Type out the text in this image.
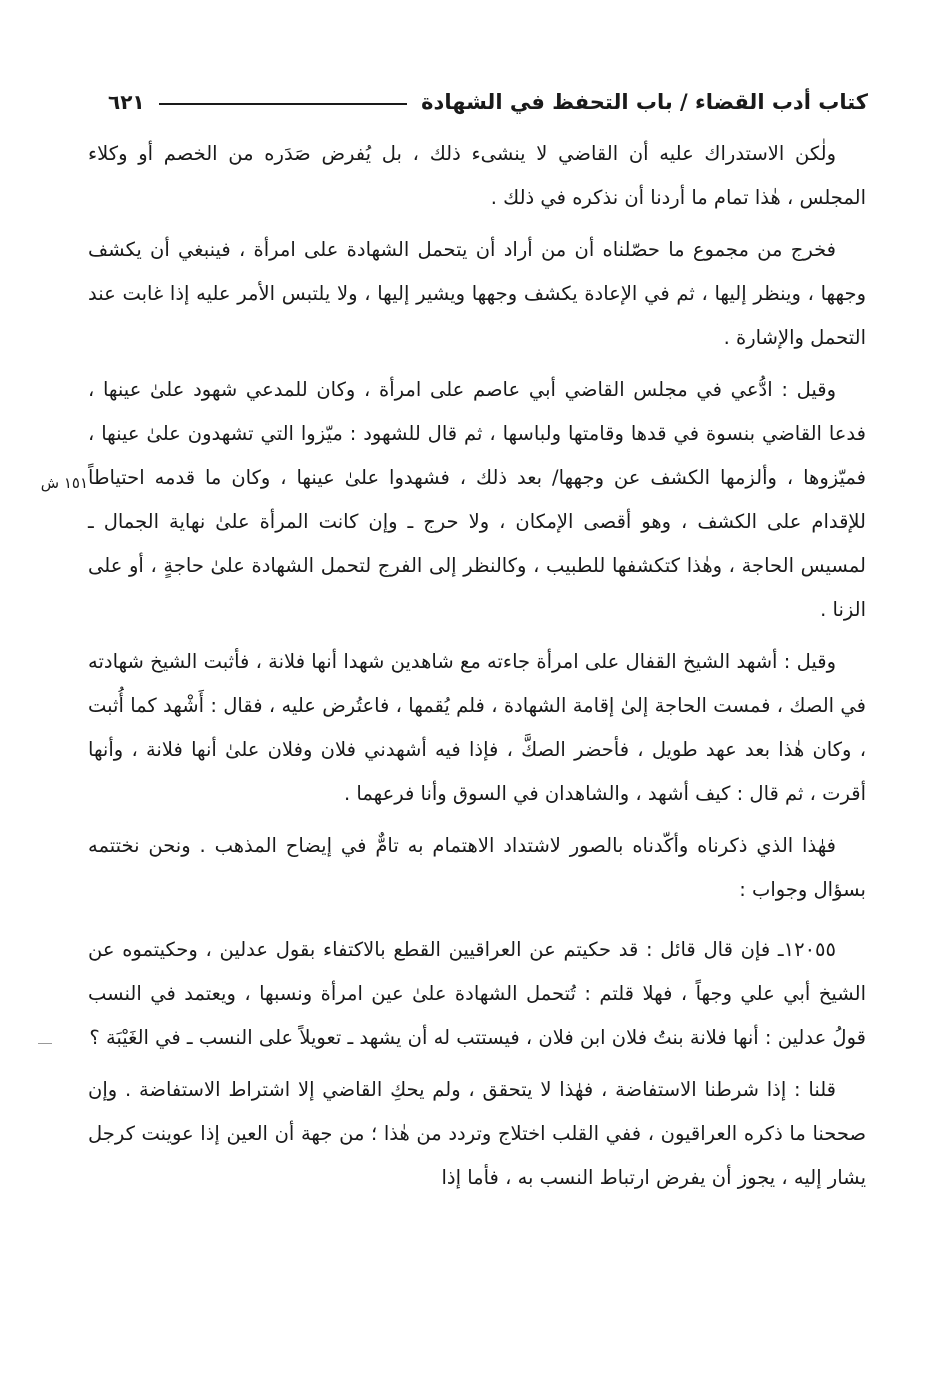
كتاب أدب القضاء / باب التحفظ في الشهادة
٦٢١
١٥١ ش

ولٰكن الاستدراك عليه أن القاضي لا ينشىء ذلك ، بل يُفرض صَدَره من الخصم أو وكلاء المجلس ، هٰذا تمام ما أردنا أن نذكره في ذلك .

فخرج من مجموع ما حصّلناه أن من أراد أن يتحمل الشهادة على امرأة ، فينبغي أن يكشف وجهها ، وينظر إليها ، ثم في الإعادة يكشف وجهها ويشير إليها ، ولا يلتبس الأمر عليه إذا غابت عند التحمل والإشارة .

وقيل : ادُّعي في مجلس القاضي أبي عاصم على امرأة ، وكان للمدعي شهود علىٰ عينها ، فدعا القاضي بنسوة في قدها وقامتها ولباسها ، ثم قال للشهود : ميّزوا التي تشهدون علىٰ عينها ، فميّزوها ، وألزمها الكشف عن وجهها/ بعد ذلك ، فشهدوا علىٰ عينها ، وكان ما قدمه احتياطاً للإقدام على الكشف ، وهو أقصى الإمكان ، ولا حرج ـ وإن كانت المرأة علىٰ نهاية الجمال ـ لمسيس الحاجة ، وهٰذا كتكشفها للطبيب ، وكالنظر إلى الفرج لتحمل الشهادة علىٰ حاجةٍ ، أو على الزنا .

وقيل : أشهد الشيخ القفال على امرأة جاءته مع شاهدين شهدا أنها فلانة ، فأثبت الشيخ شهادته في الصك ، فمست الحاجة إلىٰ إقامة الشهادة ، فلم يُقمها ، فاعتُرض عليه ، فقال : أَشْهد كما أُثبت ، وكان هٰذا بعد عهد طويل ، فأحضر الصكَّ ، فإذا فيه أشهدني فلان وفلان علىٰ أنها فلانة ، وأنها أقرت ، ثم قال : كيف أشهد ، والشاهدان في السوق وأنا فرعهما .

فهٰذا الذي ذكرناه وأكّدناه بالصور لاشتداد الاهتمام به تامٌّ في إيضاح المذهب . ونحن نختتمه بسؤال وجواب :

١٢٠٥٥ـ فإن قال قائل : قد حكيتم عن العراقيين القطع بالاكتفاء بقول عدلين ، وحكيتموه عن الشيخ أبي علي وجهاً ، فهلا قلتم : تُتحمل الشهادة علىٰ عين امرأة ونسبها ، ويعتمد في النسب قولُ عدلين : أنها فلانة بنتُ فلان ابن فلان ، فيستتب له أن يشهد ـ تعويلاً على النسب ـ في الغَيْبَة ؟

قلنا : إذا شرطنا الاستفاضة ، فهٰذا لا يتحقق ، ولم يحكِ القاضي إلا اشتراط الاستفاضة . وإن صححنا ما ذكره العراقيون ، ففي القلب اختلاج وتردد من هٰذا ؛ من جهة أن العين إذا عوينت كرجل يشار إليه ، يجوز أن يفرض ارتباط النسب به ، فأما إذا
